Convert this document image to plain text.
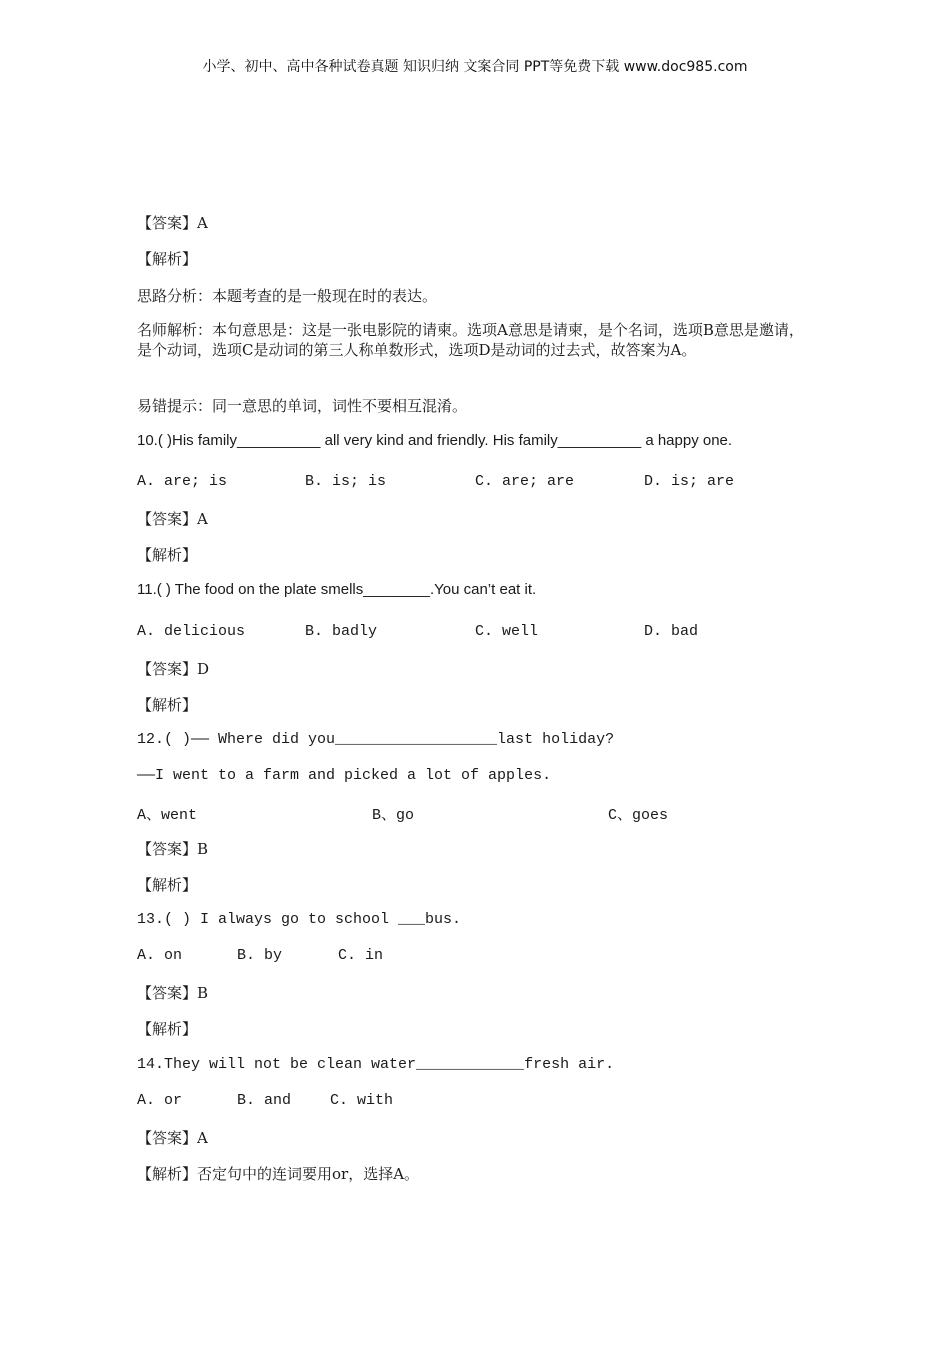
小学、初中、高中各种试卷真题 知识归纳 文案合同 PPT等免费下载 www.doc985.com
【答案】A
【解析】
思路分析：本题考查的是一般现在时的表达。
名师解析：本句意思是：这是一张电影院的请柬。选项A意思是请柬，是个名词，选项B意思是邀请，是个动词，选项C是动词的第三人称单数形式，选项D是动词的过去式，故答案为A。
易错提示：同一意思的单词，词性不要相互混淆。
10.( )His family__________ all very kind and friendly. His family__________ a happy one.
A. are; is	B. is; is	C. are; are	D. is; are
【答案】A
【解析】
11.( ) The food on the plate smells________.You can’t eat it.
A. delicious	B. badly	C. well	D. bad
【答案】D
【解析】
12.( )—— Where did you__________________last holiday?
——I went to a farm and picked a lot of apples.
A、went	B、go	C、goes
【答案】B
【解析】
13.( ) I always go to school ___bus.
A. on	B. by	C. in
【答案】B
【解析】
14.They will not be clean water____________fresh air.
A. or	B. and	C. with
【答案】A
【解析】否定句中的连词要用or，选择A。
